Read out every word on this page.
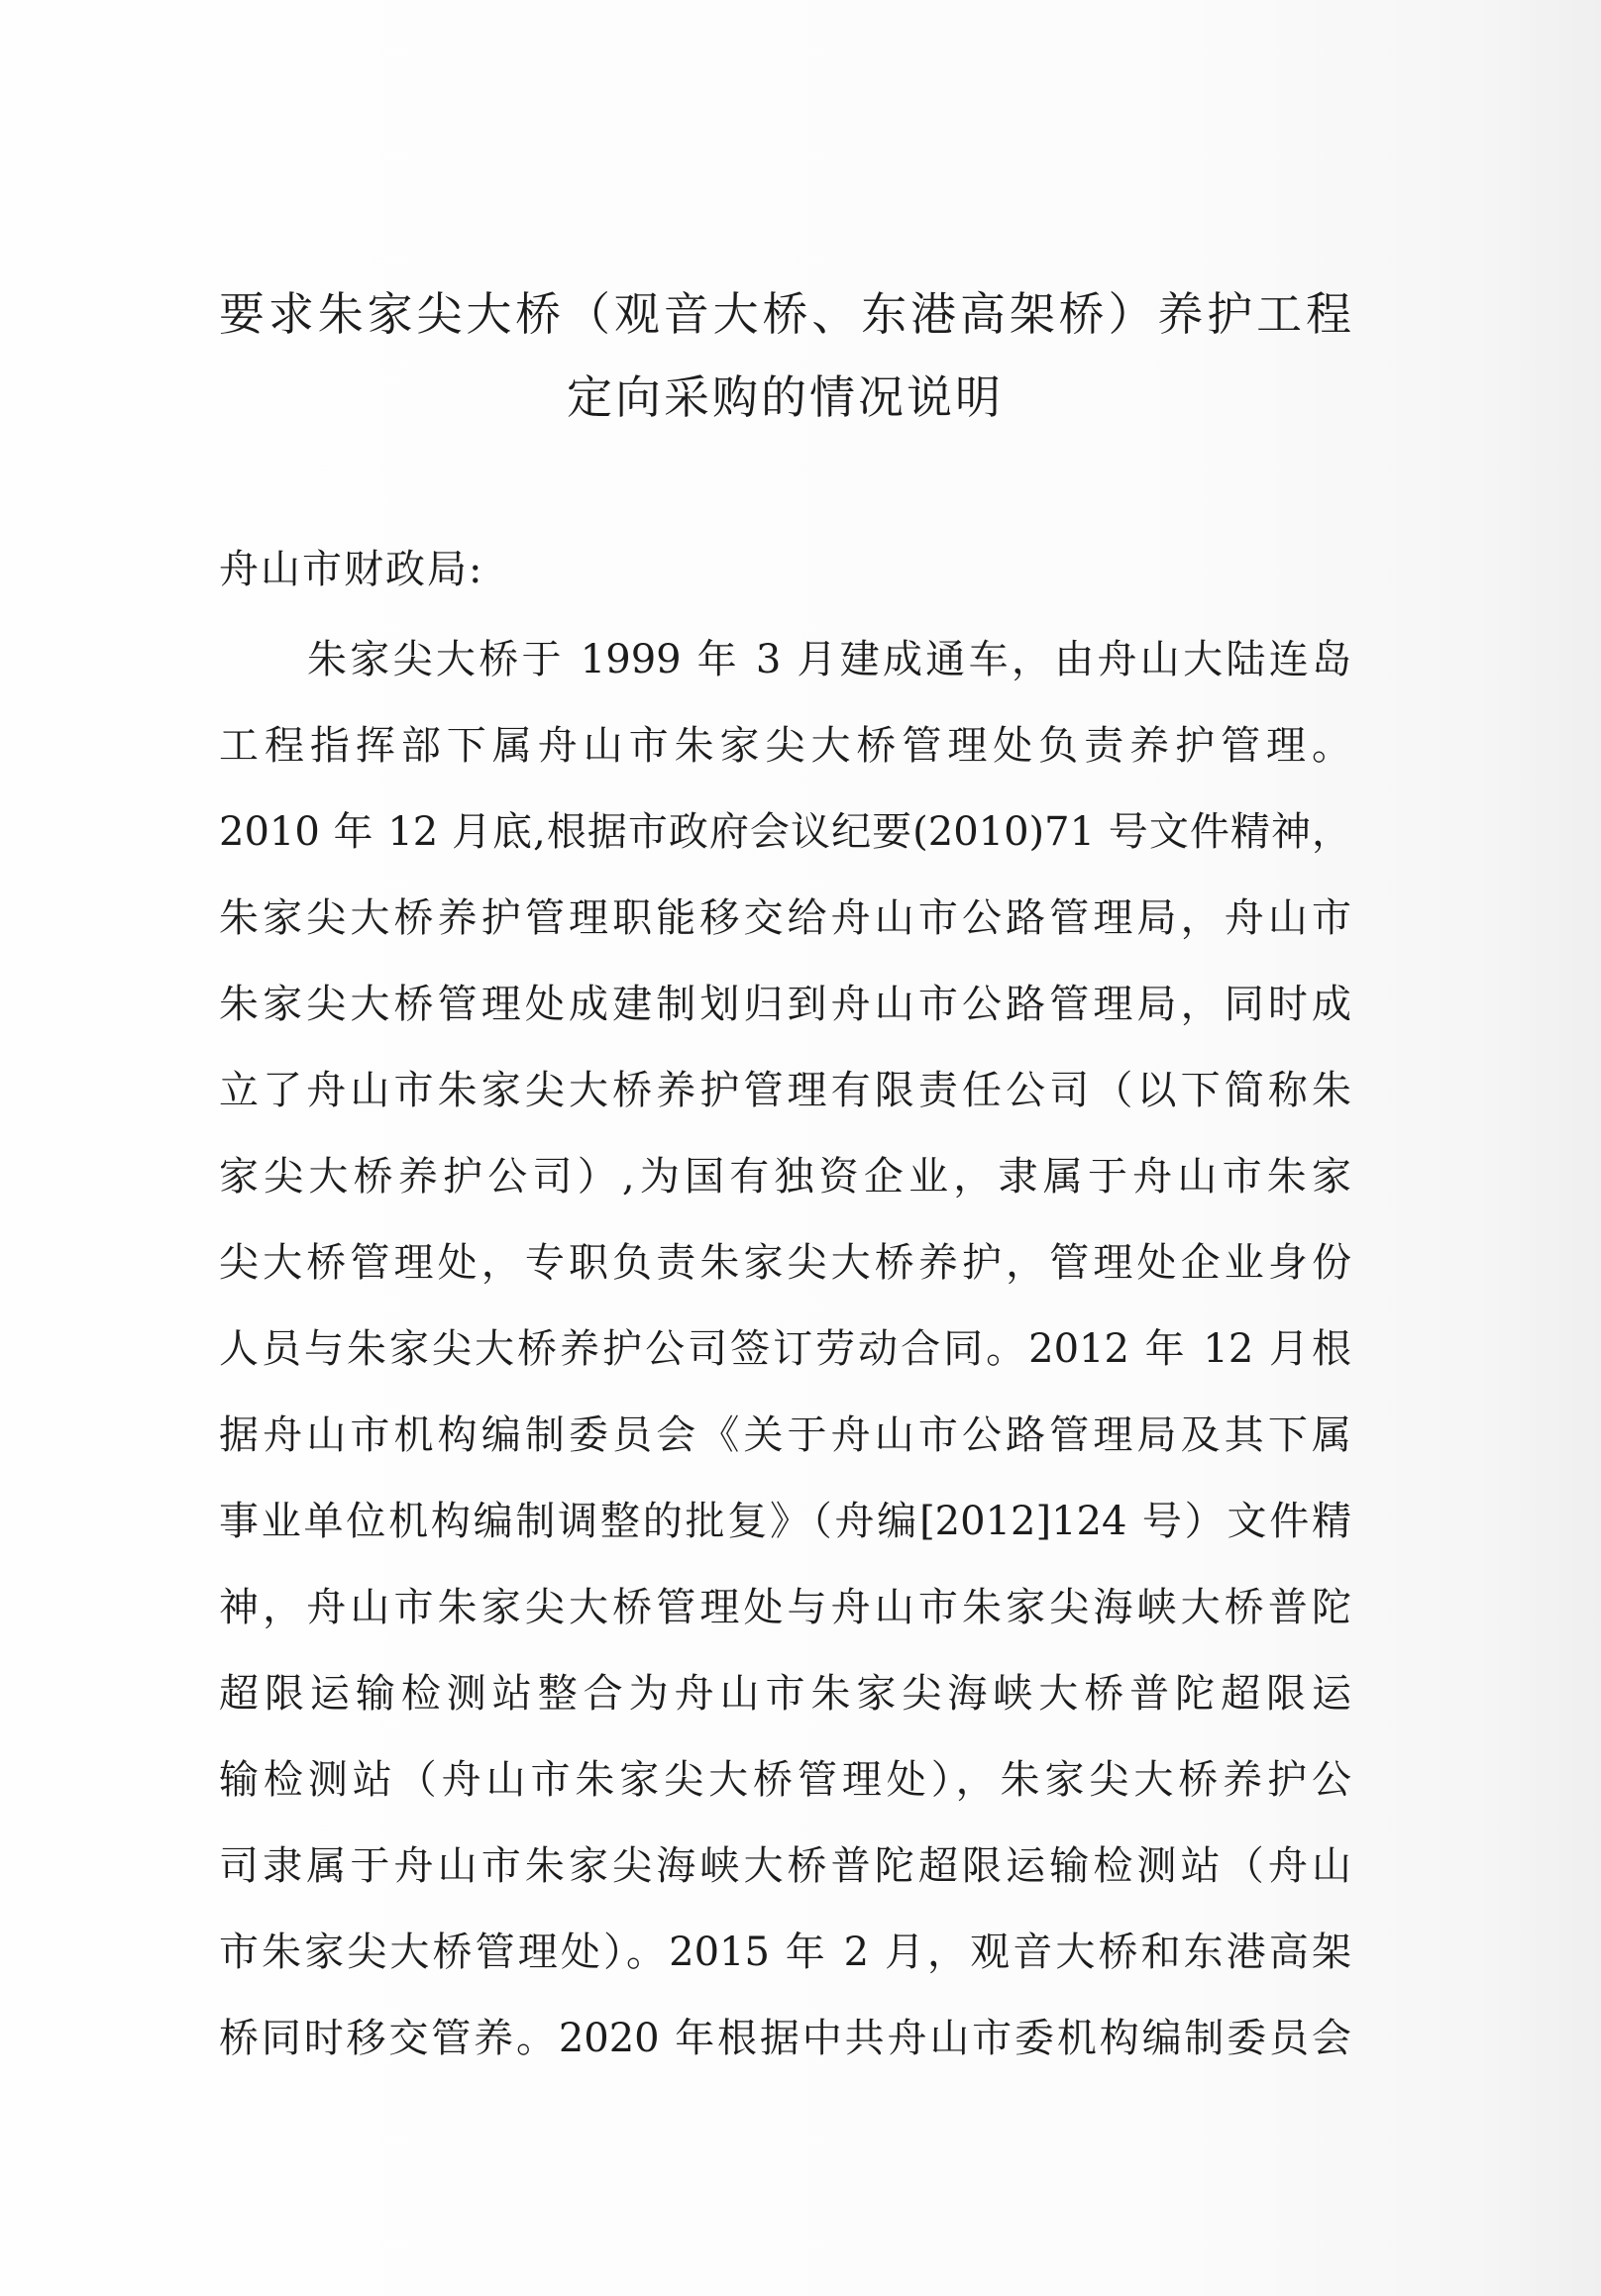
要求朱家尖大桥（观音大桥、东港高架桥）养护工程
定向采购的情况说明
舟山市财政局:
朱家尖大桥于 1999 年 3 月建成通车，由舟山大陆连岛
工程指挥部下属舟山市朱家尖大桥管理处负责养护管理。
2010 年 12 月底,根据市政府会议纪要(2010)71 号文件精神，
朱家尖大桥养护管理职能移交给舟山市公路管理局，舟山市
朱家尖大桥管理处成建制划归到舟山市公路管理局，同时成
立了舟山市朱家尖大桥养护管理有限责任公司（以下简称朱
家尖大桥养护公司）,为国有独资企业，隶属于舟山市朱家
尖大桥管理处，专职负责朱家尖大桥养护，管理处企业身份
人员与朱家尖大桥养护公司签订劳动合同。2012 年 12 月根
据舟山市机构编制委员会《关于舟山市公路管理局及其下属
事业单位机构编制调整的批复》（舟编[2012]124 号）文件精
神，舟山市朱家尖大桥管理处与舟山市朱家尖海峡大桥普陀
超限运输检测站整合为舟山市朱家尖海峡大桥普陀超限运
输检测站（舟山市朱家尖大桥管理处），朱家尖大桥养护公
司隶属于舟山市朱家尖海峡大桥普陀超限运输检测站（舟山
市朱家尖大桥管理处）。2015 年 2 月，观音大桥和东港高架
桥同时移交管养。2020 年根据中共舟山市委机构编制委员会
